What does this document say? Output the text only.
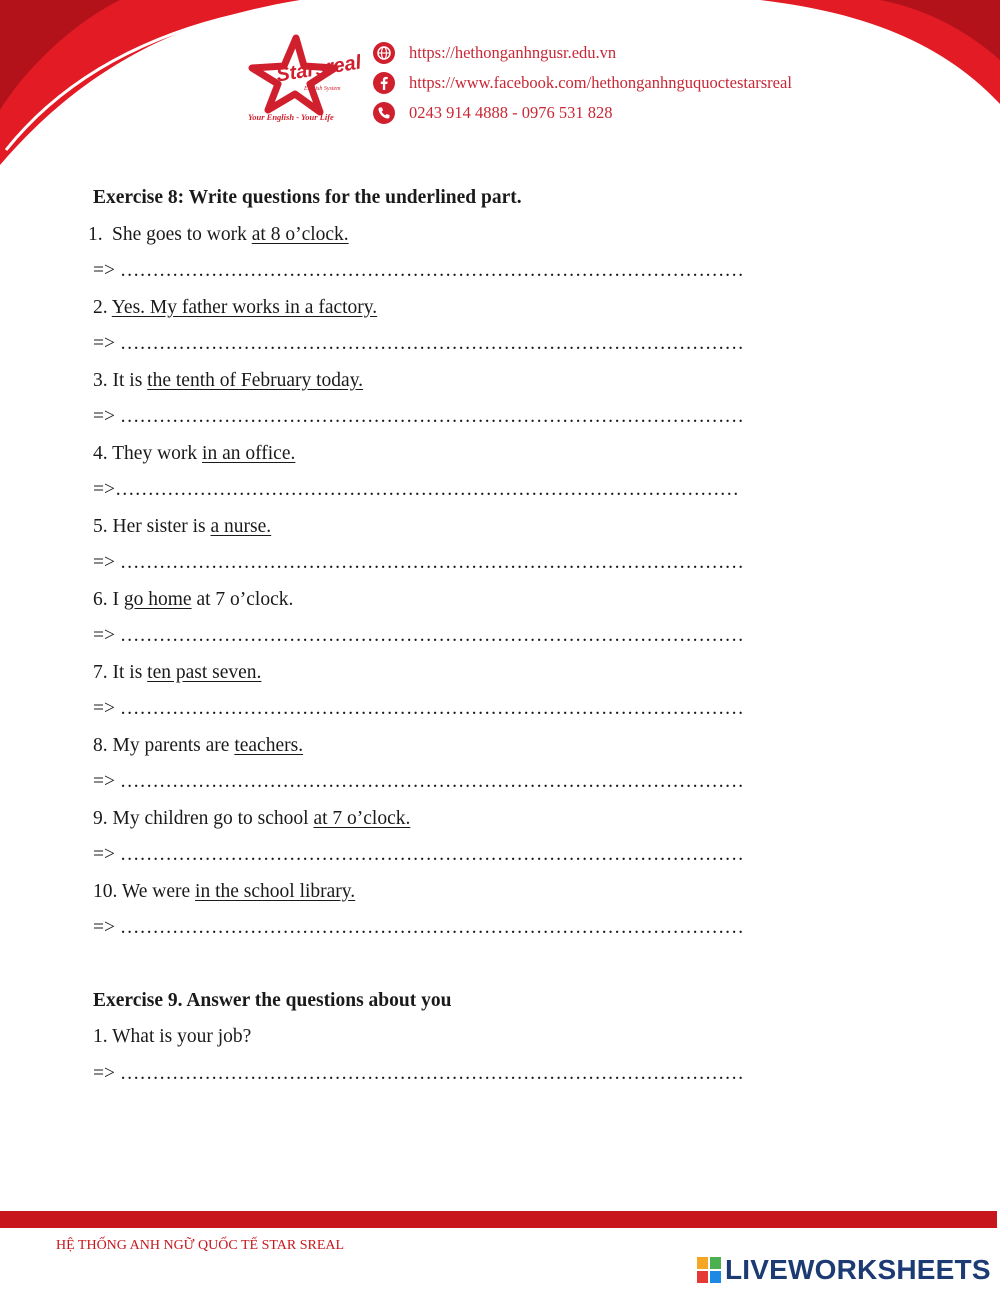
Starsreal
English System
Your English - Your Life
https://hethonganhngusr.edu.vn
https://www.facebook.com/hethonganhnguquoctestarsreal
0243 914 4888 - 0976 531 828
Exercise 8: Write questions for the underlined part.
1. She goes to work at 8 o’clock.
=> ……………………………………………………………………………………
2. Yes. My father works in a factory.
=> ……………………………………………………………………………………
3. It is the tenth of February today.
=> ……………………………………………………………………………………
4. They work in an office.
=>……………………………………………………………………………………
5. Her sister is a nurse.
=> ……………………………………………………………………………………
6. I go home at 7 o’clock.
=> ……………………………………………………………………………………
7. It is ten past seven.
=> ……………………………………………………………………………………
8. My parents are teachers.
=> ……………………………………………………………………………………
9. My children go to school at 7 o’clock.
=> ……………………………………………………………………………………
10. We were in the school library.
=> ……………………………………………………………………………………
Exercise 9. Answer the questions about you
1. What is your job?
=> ……………………………………………………………………………………
HỆ THỐNG ANH NGỮ QUỐC TẾ STAR SREAL
LIVEWORKSHEETS
